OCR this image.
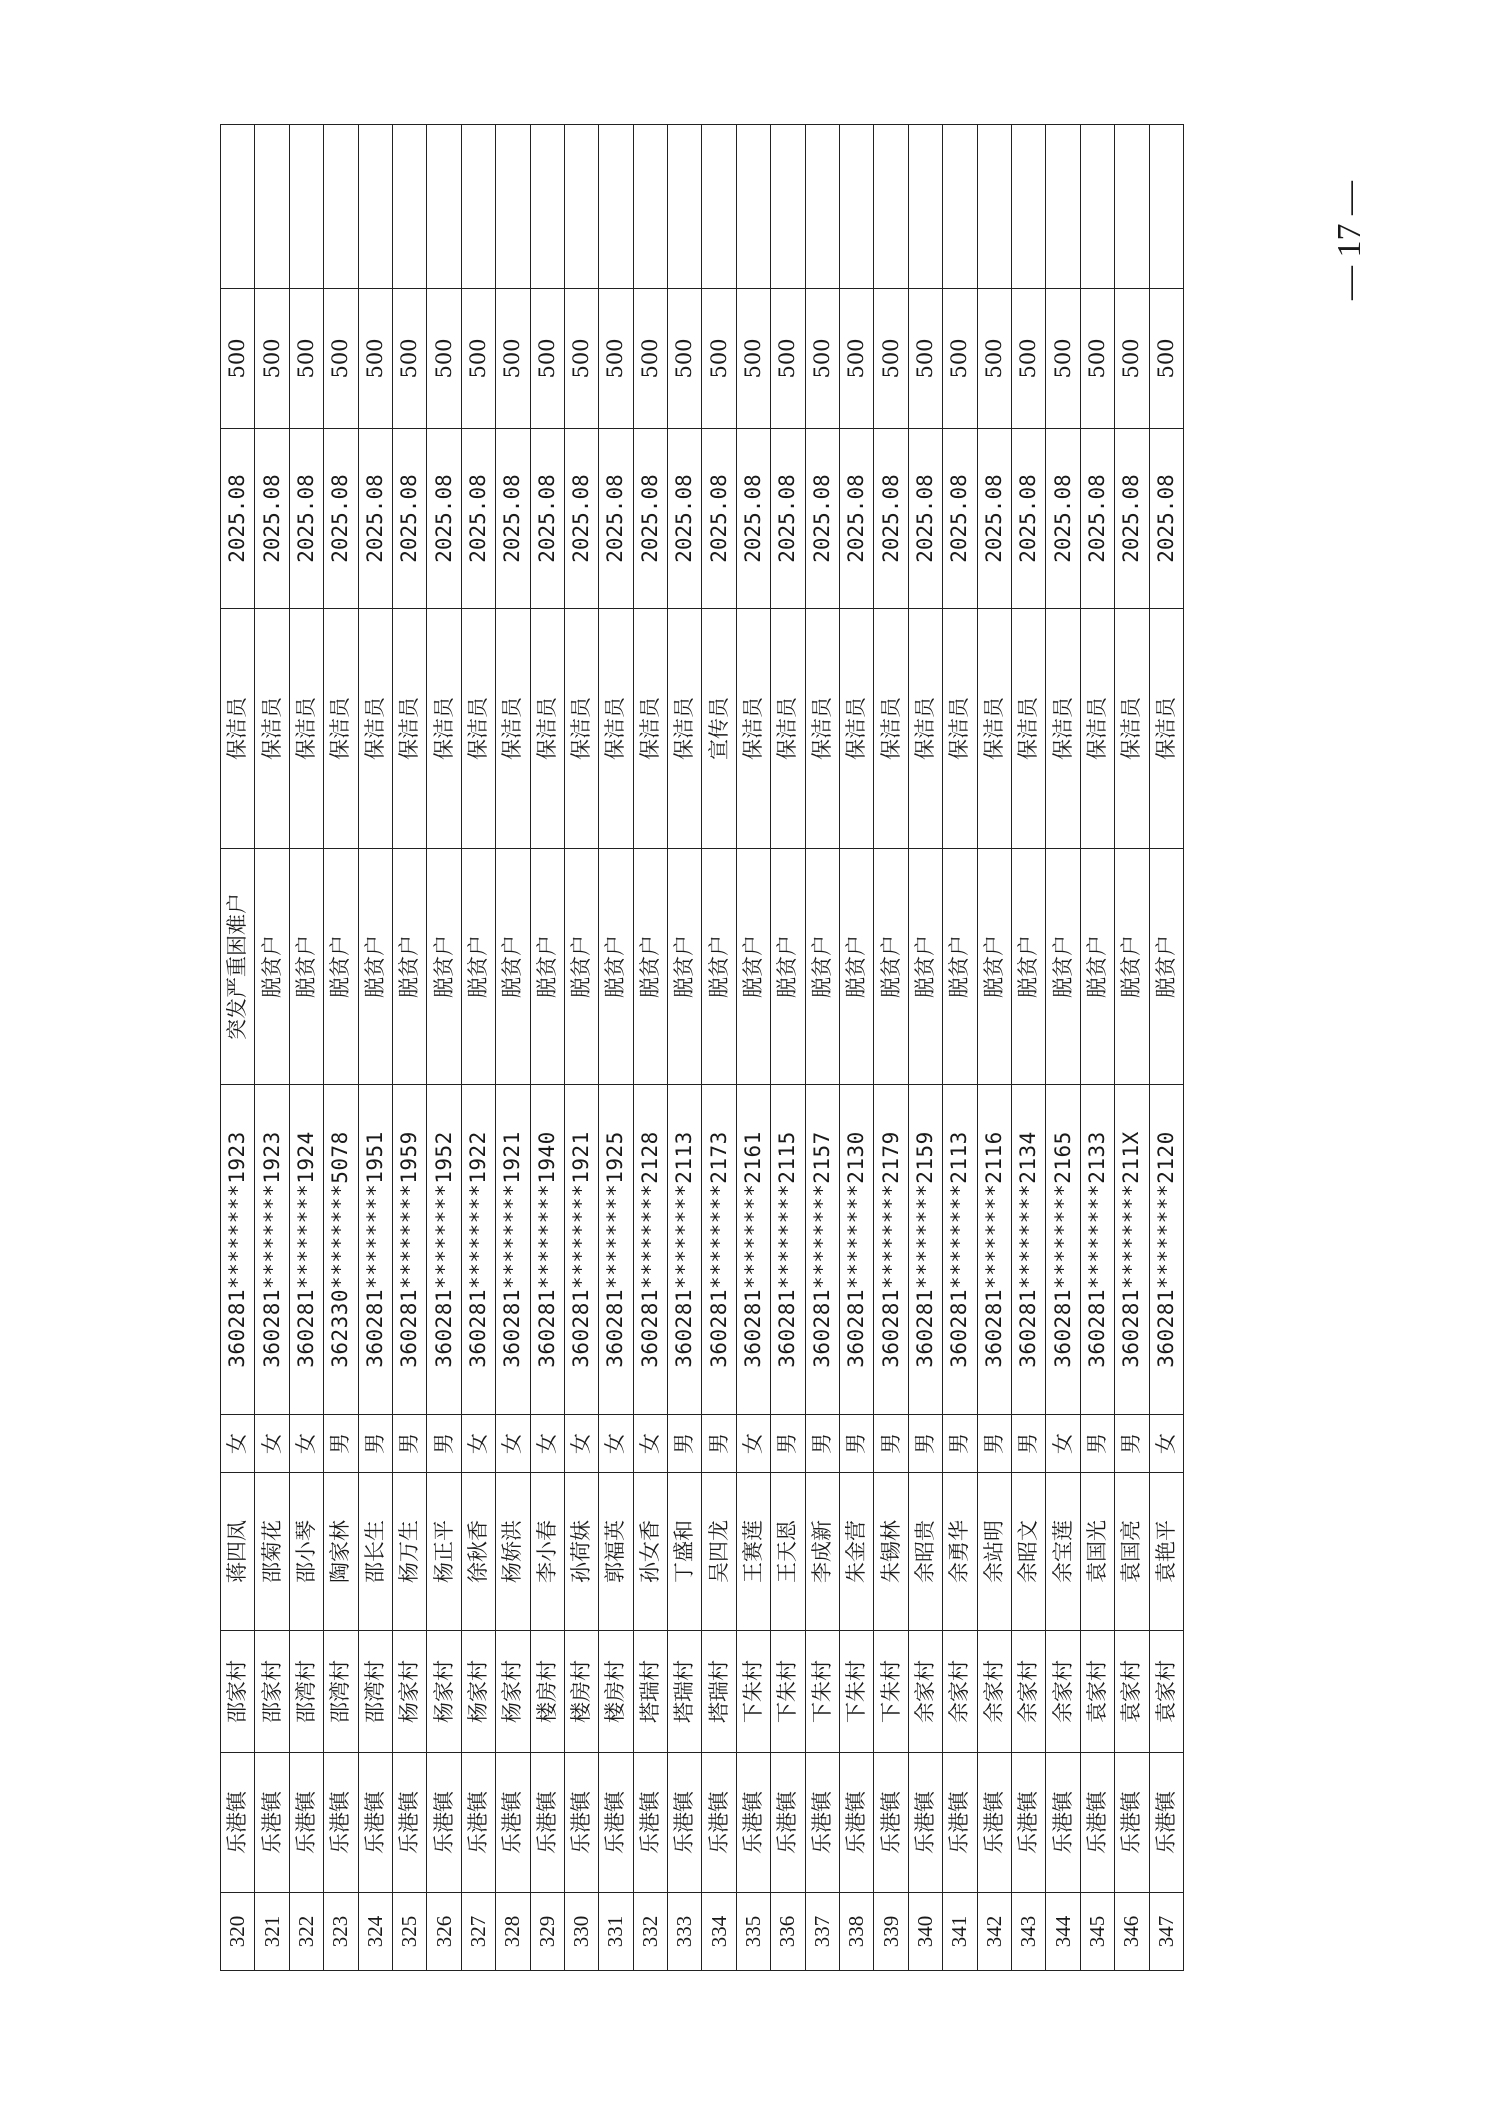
320	乐港镇	邵家村	蒋四凤	女	360281********1923	突发严重困难户	保洁员	2025.08	500	
321	乐港镇	邵家村	邵菊花	女	360281********1923	脱贫户	保洁员	2025.08	500	
322	乐港镇	邵湾村	邵小琴	女	360281********1924	脱贫户	保洁员	2025.08	500	
323	乐港镇	邵湾村	陶家林	男	362330********5078	脱贫户	保洁员	2025.08	500	
324	乐港镇	邵湾村	邵长生	男	360281********1951	脱贫户	保洁员	2025.08	500	
325	乐港镇	杨家村	杨万生	男	360281********1959	脱贫户	保洁员	2025.08	500	
326	乐港镇	杨家村	杨正平	男	360281********1952	脱贫户	保洁员	2025.08	500	
327	乐港镇	杨家村	徐秋香	女	360281********1922	脱贫户	保洁员	2025.08	500	
328	乐港镇	杨家村	杨娇洪	女	360281********1921	脱贫户	保洁员	2025.08	500	
329	乐港镇	楼房村	李小春	女	360281********1940	脱贫户	保洁员	2025.08	500	
330	乐港镇	楼房村	孙荷妹	女	360281********1921	脱贫户	保洁员	2025.08	500	
331	乐港镇	楼房村	郭福英	女	360281********1925	脱贫户	保洁员	2025.08	500	
332	乐港镇	塔瑞村	孙女香	女	360281********2128	脱贫户	保洁员	2025.08	500	
333	乐港镇	塔瑞村	丁盛和	男	360281********2113	脱贫户	保洁员	2025.08	500	
334	乐港镇	塔瑞村	吴四龙	男	360281********2173	脱贫户	宣传员	2025.08	500	
335	乐港镇	下朱村	王赛莲	女	360281********2161	脱贫户	保洁员	2025.08	500	
336	乐港镇	下朱村	王天恩	男	360281********2115	脱贫户	保洁员	2025.08	500	
337	乐港镇	下朱村	李成新	男	360281********2157	脱贫户	保洁员	2025.08	500	
338	乐港镇	下朱村	朱金营	男	360281********2130	脱贫户	保洁员	2025.08	500	
339	乐港镇	下朱村	朱锡林	男	360281********2179	脱贫户	保洁员	2025.08	500	
340	乐港镇	余家村	余昭贵	男	360281********2159	脱贫户	保洁员	2025.08	500	
341	乐港镇	余家村	余勇华	男	360281********2113	脱贫户	保洁员	2025.08	500	
342	乐港镇	余家村	余站明	男	360281********2116	脱贫户	保洁员	2025.08	500	
343	乐港镇	余家村	余昭文	男	360281********2134	脱贫户	保洁员	2025.08	500	
344	乐港镇	余家村	余宝莲	女	360281********2165	脱贫户	保洁员	2025.08	500	
345	乐港镇	袁家村	袁国光	男	360281********2133	脱贫户	保洁员	2025.08	500	
346	乐港镇	袁家村	袁国亮	男	360281********211X	脱贫户	保洁员	2025.08	500	
347	乐港镇	袁家村	袁艳平	女	360281********2120	脱贫户	保洁员	2025.08	500	
— 17 —
